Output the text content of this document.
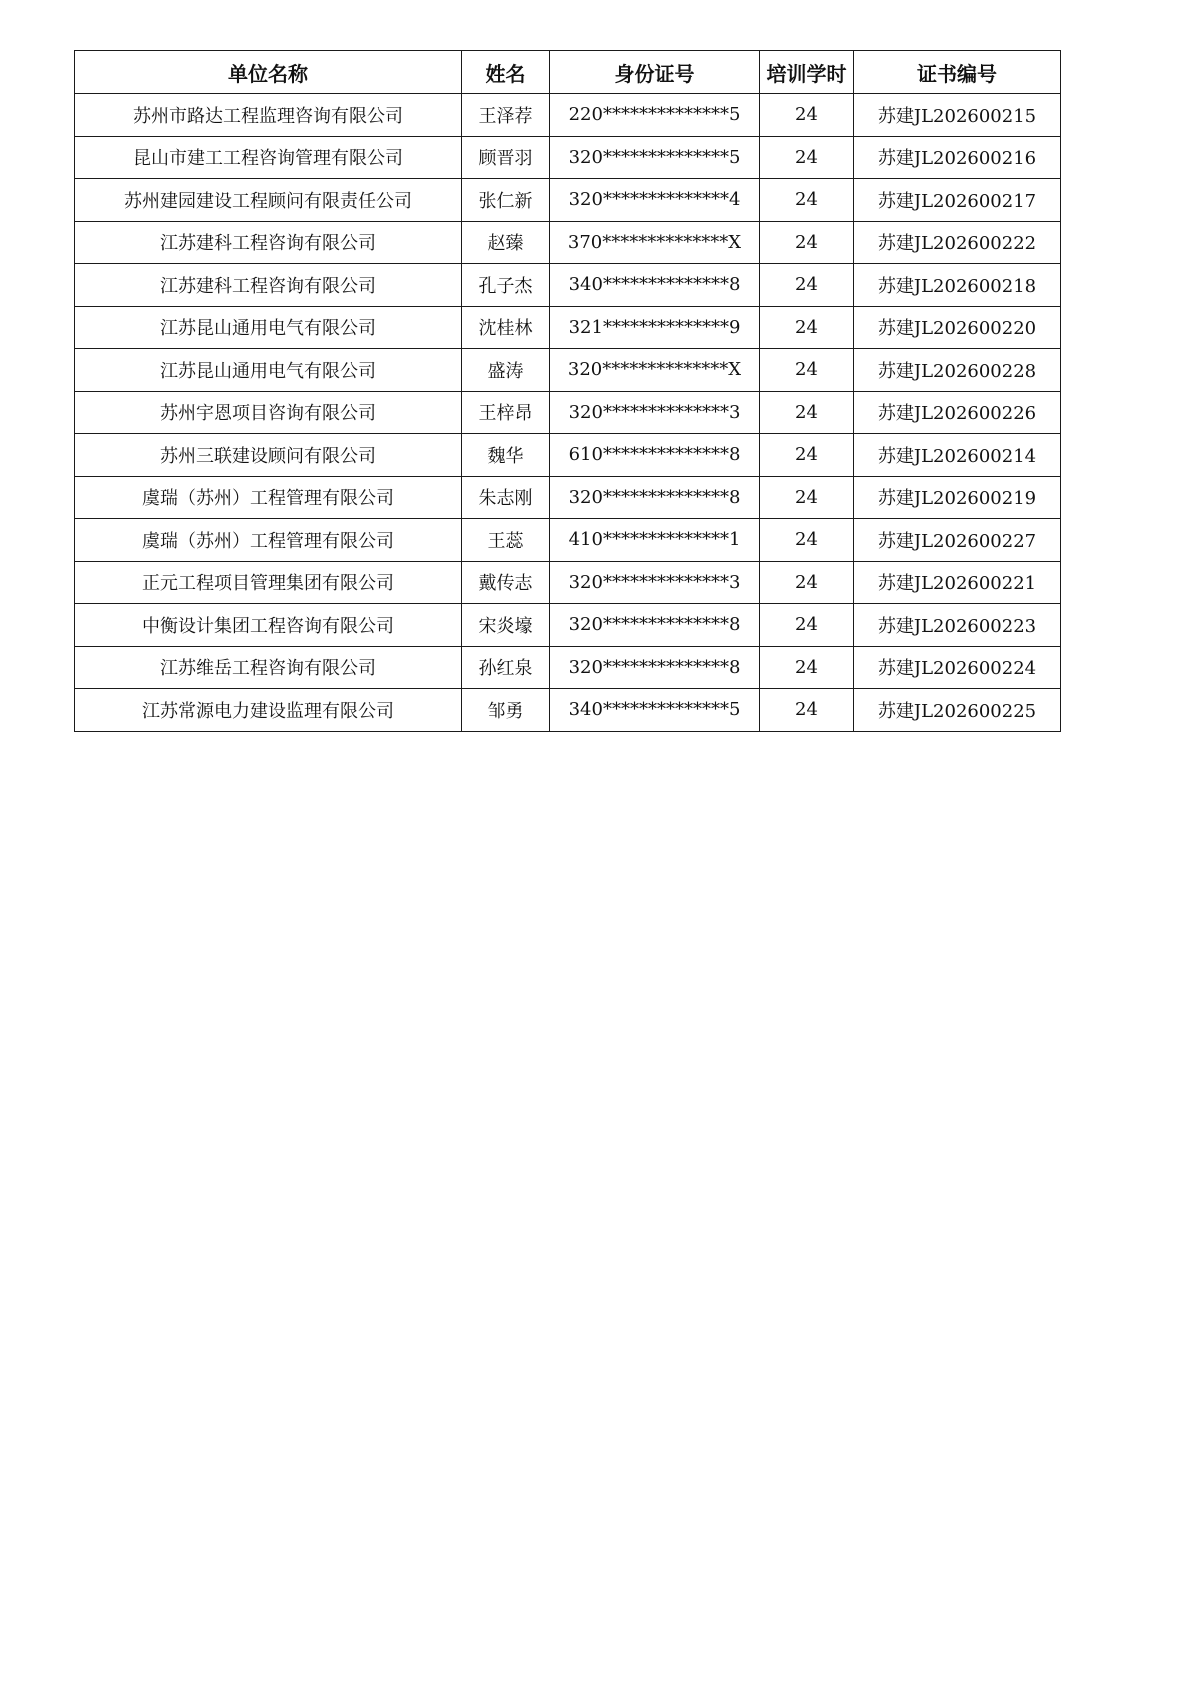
单位名称	姓名	身份证号	培训学时	证书编号
苏州市路达工程监理咨询有限公司	王泽荐	220**************5	24	苏建JL202600215
昆山市建工工程咨询管理有限公司	顾晋羽	320**************5	24	苏建JL202600216
苏州建园建设工程顾问有限责任公司	张仁新	320**************4	24	苏建JL202600217
江苏建科工程咨询有限公司	赵臻	370**************X	24	苏建JL202600222
江苏建科工程咨询有限公司	孔子杰	340**************8	24	苏建JL202600218
江苏昆山通用电气有限公司	沈桂林	321**************9	24	苏建JL202600220
江苏昆山通用电气有限公司	盛涛	320**************X	24	苏建JL202600228
苏州宇恩项目咨询有限公司	王梓昂	320**************3	24	苏建JL202600226
苏州三联建设顾问有限公司	魏华	610**************8	24	苏建JL202600214
虞瑞（苏州）工程管理有限公司	朱志刚	320**************8	24	苏建JL202600219
虞瑞（苏州）工程管理有限公司	王蕊	410**************1	24	苏建JL202600227
正元工程项目管理集团有限公司	戴传志	320**************3	24	苏建JL202600221
中衡设计集团工程咨询有限公司	宋炎壕	320**************8	24	苏建JL202600223
江苏维岳工程咨询有限公司	孙红泉	320**************8	24	苏建JL202600224
江苏常源电力建设监理有限公司	邹勇	340**************5	24	苏建JL202600225
